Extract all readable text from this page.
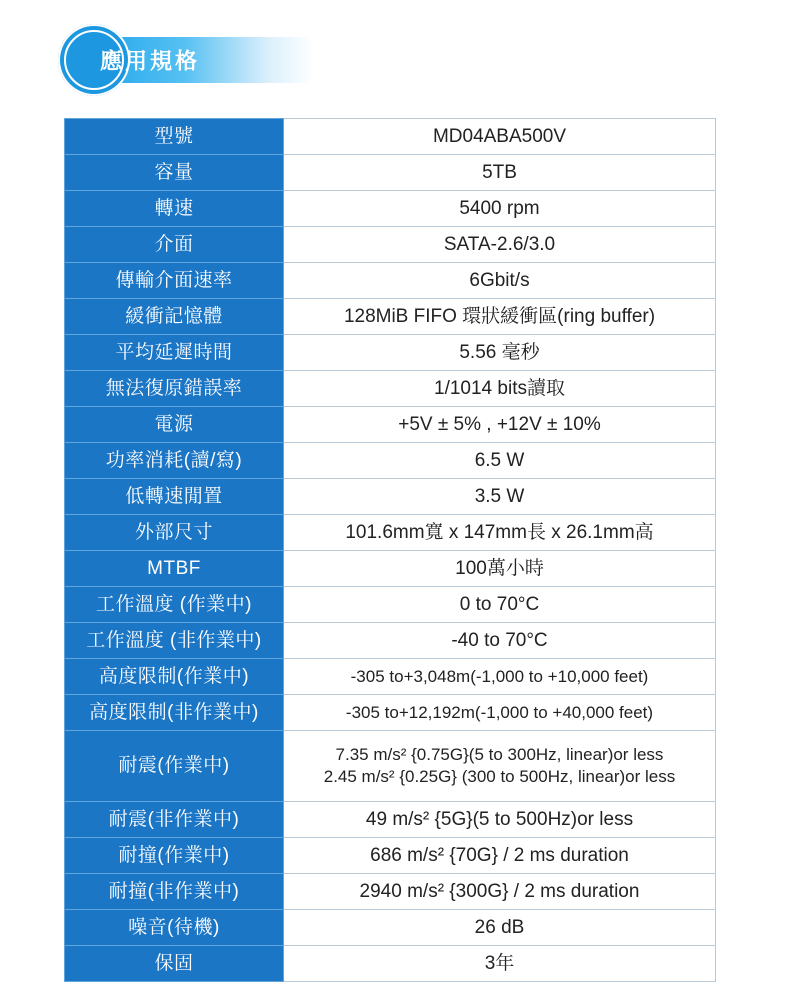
應用規格
型號	MD04ABA500V
容量	5TB
轉速	5400 rpm
介面	SATA-2.6/3.0
傳輸介面速率	6Gbit/s
緩衝記憶體	128MiB FIFO 環狀緩衝區(ring buffer)
平均延遲時間	5.56 毫秒
無法復原錯誤率	1/1014 bits讀取
電源	+5V ± 5% , +12V ± 10%
功率消耗(讀/寫)	6.5 W
低轉速閒置	3.5 W
外部尺寸	101.6mm寬 x 147mm長 x 26.1mm高
MTBF	100萬小時
工作溫度 (作業中)	0 to 70°C
工作溫度 (非作業中)	-40 to 70°C
高度限制(作業中)	-305 to+3,048m(-1,000 to +10,000 feet)
高度限制(非作業中)	-305 to+12,192m(-1,000 to +40,000 feet)
耐震(作業中)	7.35 m/s² {0.75G}(5 to 300Hz, linear)or less
2.45 m/s² {0.25G} (300 to 500Hz, linear)or less

耐震(非作業中)	49 m/s² {5G}(5 to 500Hz)or less
耐撞(作業中)	686 m/s² {70G} / 2 ms duration
耐撞(非作業中)	2940 m/s² {300G} / 2 ms duration
噪音(待機)	26 dB
保固	3年
